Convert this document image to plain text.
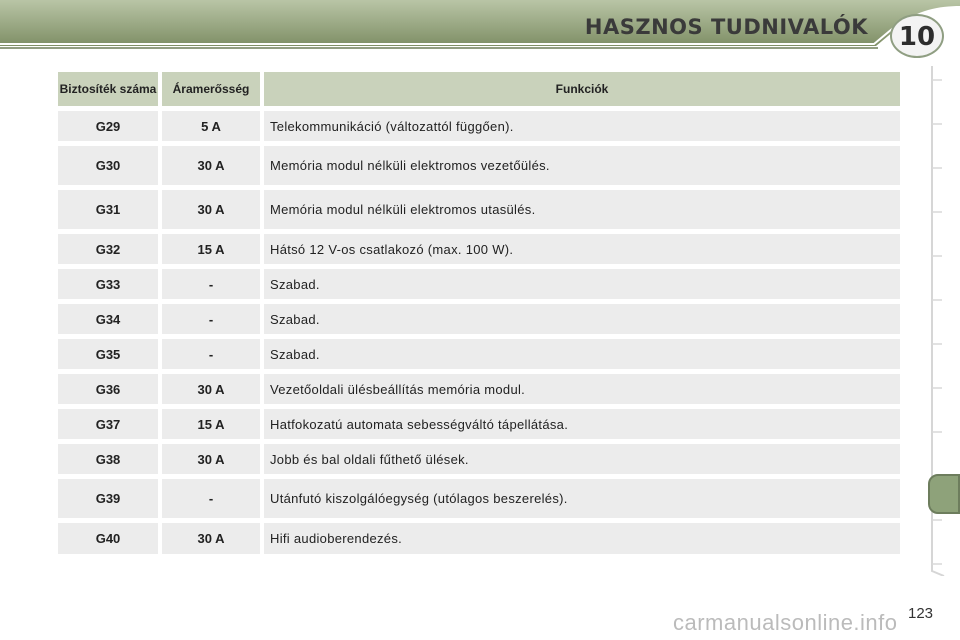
HASZNOS TUDNIVALÓK 10
Biztosíték száma	Áramerősség	Funkciók
G29	5 A	Telekommunikáció (változattól függően).
G30	30 A	Memória modul nélküli elektromos vezetőülés.
G31	30 A	Memória modul nélküli elektromos utasülés.
G32	15 A	Hátsó 12 V-os csatlakozó (max. 100 W).
G33	-	Szabad.
G34	-	Szabad.
G35	-	Szabad.
G36	30 A	Vezetőoldali ülésbeállítás memória modul.
G37	15 A	Hatfokozatú automata sebességváltó tápellátása.
G38	30 A	Jobb és bal oldali fűthető ülések.
G39	-	Utánfutó kiszolgálóegység (utólagos beszerelés).
G40	30 A	Hifi audioberendezés.
carmanualsonline.info 123
